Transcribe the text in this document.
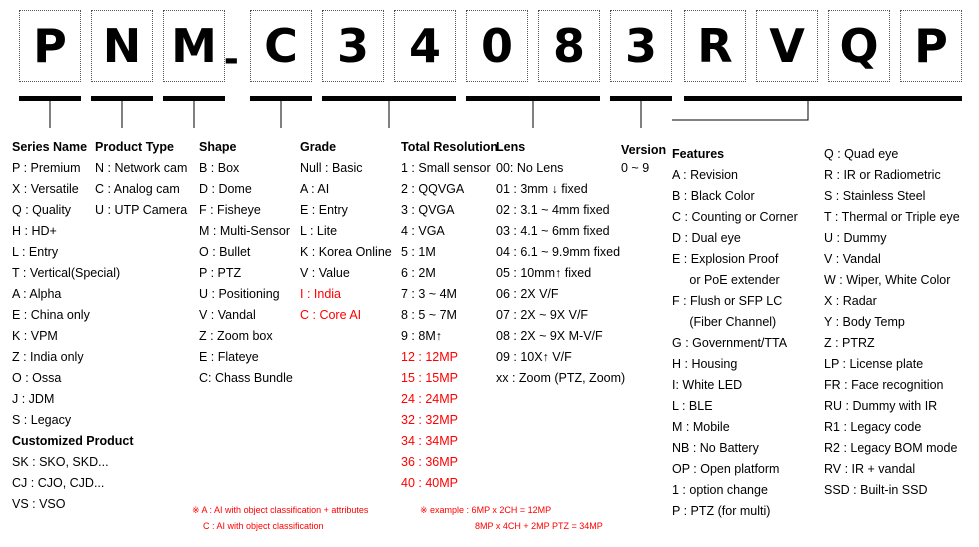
P N M - C 3 4 0 8 3 R V Q P
Series Name
P : Premium
X : Versatile
Q : Quality
H : HD+
L : Entry
T : Vertical(Special)
A : Alpha
E : China only
K : VPM
Z : India only
O : Ossa
J : JDM
S : Legacy
Customized Product
SK : SKO, SKD...
CJ : CJO, CJD...
VS : VSO
Product Type
N : Network cam
C : Analog cam
U : UTP Camera
Shape
B : Box
D : Dome
F : Fisheye
M : Multi-Sensor
O : Bullet
P : PTZ
U : Positioning
V : Vandal
Z : Zoom box
E : Flateye
C: Chass Bundle
Grade
Null : Basic
A : AI
E : Entry
L : Lite
K : Korea Online
V : Value
I : India
C : Core AI
Total Resolution
1 : Small sensor
2 : QQVGA
3 : QVGA
4 : VGA
5 : 1M
6 : 2M
7 : 3 ~ 4M
8 : 5 ~ 7M
9 : 8M↑
12 : 12MP
15 : 15MP
24 : 24MP
32 : 32MP
34 : 34MP
36 : 36MP
40 : 40MP
Lens
00: No Lens
01 : 3mm ↓ fixed
02 : 3.1 ~ 4mm fixed
03 : 4.1 ~ 6mm fixed
04 : 6.1 ~ 9.9mm fixed
05 : 10mm↑ fixed
06 : 2X V/F
07 : 2X ~ 9X V/F
08 : 2X ~ 9X M-V/F
09 : 10X↑ V/F
xx : Zoom (PTZ, Zoom)
Version
0 ~ 9
Features
A : Revision
B : Black Color
C : Counting or Corner
D : Dual eye
E : Explosion Proof
or PoE extender
F : Flush or SFP LC
(Fiber Channel)
G : Government/TTA
H : Housing
I: White LED
L : BLE
M : Mobile
NB : No Battery
OP : Open platform
1 : option change
P : PTZ (for multi)
Q : Quad eye
R : IR or Radiometric
S : Stainless Steel
T : Thermal or Triple eye
U : Dummy
V : Vandal
W : Wiper, White Color
X : Radar
Y : Body Temp
Z : PTRZ
LP : License plate
FR : Face recognition
RU : Dummy with IR
R1 : Legacy code
R2 : Legacy BOM mode
RV : IR + vandal
SSD : Built-in SSD
※ A : AI with object classification + attributes
C : AI with object classification
※ example : 6MP x 2CH = 12MP
8MP x 4CH + 2MP PTZ = 34MP
